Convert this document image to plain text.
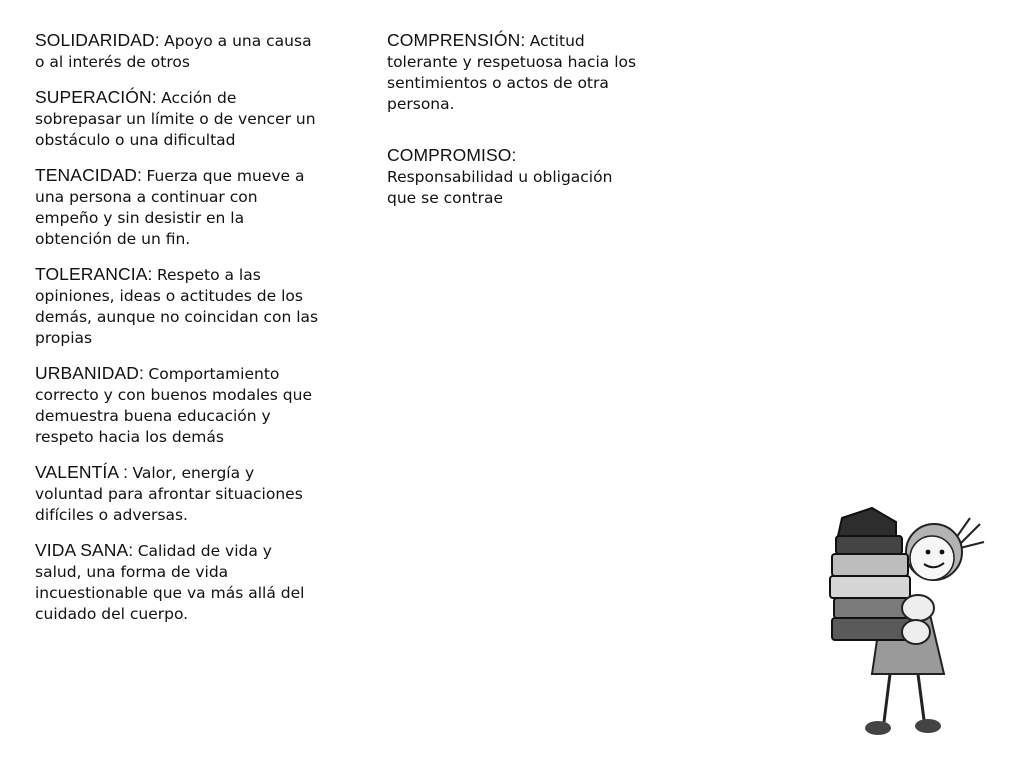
SOLIDARIDAD: Apoyo a una causa o al interés de otros

SUPERACIÓN: Acción de sobrepasar un límite o de vencer un obstáculo o una dificultad

TENACIDAD: Fuerza que mueve a una persona a continuar con empeño y sin desistir en la obtención de un fin.

TOLERANCIA: Respeto a las opiniones, ideas o actitudes de los demás, aunque no coincidan con las propias

URBANIDAD: Comportamiento correcto y con buenos modales que demuestra buena educación y respeto hacia los demás

VALENTÍA : Valor, energía y voluntad para afrontar situaciones difíciles o adversas.

VIDA SANA: Calidad de vida y salud, una forma de vida incuestionable que va más allá del cuidado del cuerpo.

COMPRENSIÓN: Actitud tolerante y respetuosa hacia los sentimientos o actos de otra persona.

COMPROMISO:
Responsabilidad u obligación que se contrae
